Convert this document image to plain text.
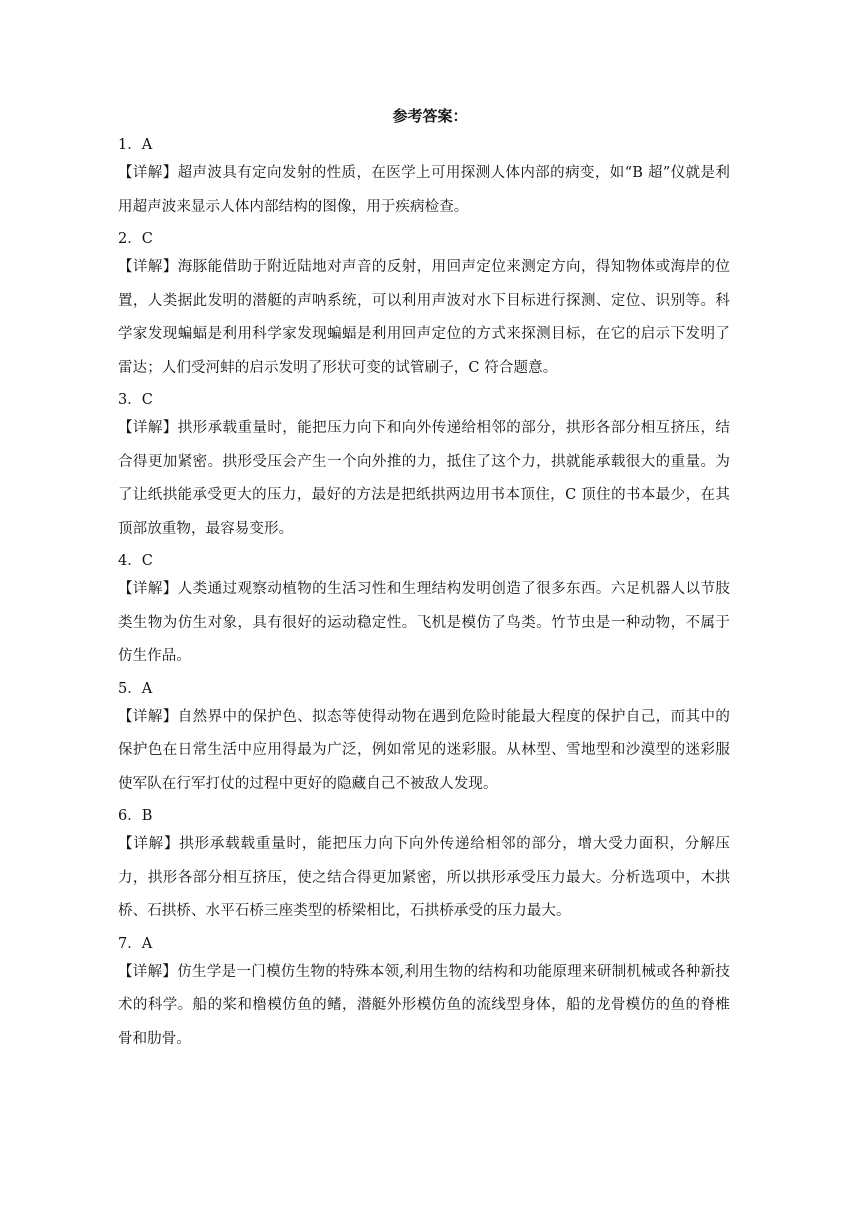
参考答案：

1．A

【详解】超声波具有定向发射的性质，在医学上可用探测人体内部的病变，如“B 超”仪就是利用超声波来显示人体内部结构的图像，用于疾病检查。

2．C

【详解】海豚能借助于附近陆地对声音的反射，用回声定位来测定方向，得知物体或海岸的位置，人类据此发明的潜艇的声呐系统，可以利用声波对水下目标进行探测、定位、识别等。科学家发现蝙蝠是利用科学家发现蝙蝠是利用回声定位的方式来探测目标，在它的启示下发明了雷达；人们受河蚌的启示发明了形状可变的试管刷子，C 符合题意。

3．C

【详解】拱形承载重量时，能把压力向下和向外传递给相邻的部分，拱形各部分相互挤压，结合得更加紧密。拱形受压会产生一个向外推的力，抵住了这个力，拱就能承载很大的重量。为了让纸拱能承受更大的压力，最好的方法是把纸拱两边用书本顶住，C 顶住的书本最少，在其顶部放重物，最容易变形。

4．C

【详解】人类通过观察动植物的生活习性和生理结构发明创造了很多东西。六足机器人以节肢类生物为仿生对象，具有很好的运动稳定性。飞机是模仿了鸟类。竹节虫是一种动物，不属于仿生作品。

5．A

【详解】自然界中的保护色、拟态等使得动物在遇到危险时能最大程度的保护自己，而其中的保护色在日常生活中应用得最为广泛，例如常见的迷彩服。从林型、雪地型和沙漠型的迷彩服使军队在行军打仗的过程中更好的隐藏自己不被敌人发现。

6．B

【详解】拱形承载载重量时，能把压力向下向外传递给相邻的部分，增大受力面积，分解压力，拱形各部分相互挤压，使之结合得更加紧密，所以拱形承受压力最大。分析选项中，木拱桥、石拱桥、水平石桥三座类型的桥梁相比，石拱桥承受的压力最大。

7．A

【详解】仿生学是一门模仿生物的特殊本领,利用生物的结构和功能原理来研制机械或各种新技术的科学。船的桨和橹模仿鱼的鳍，潜艇外形模仿鱼的流线型身体，船的龙骨模仿的鱼的脊椎骨和肋骨。
